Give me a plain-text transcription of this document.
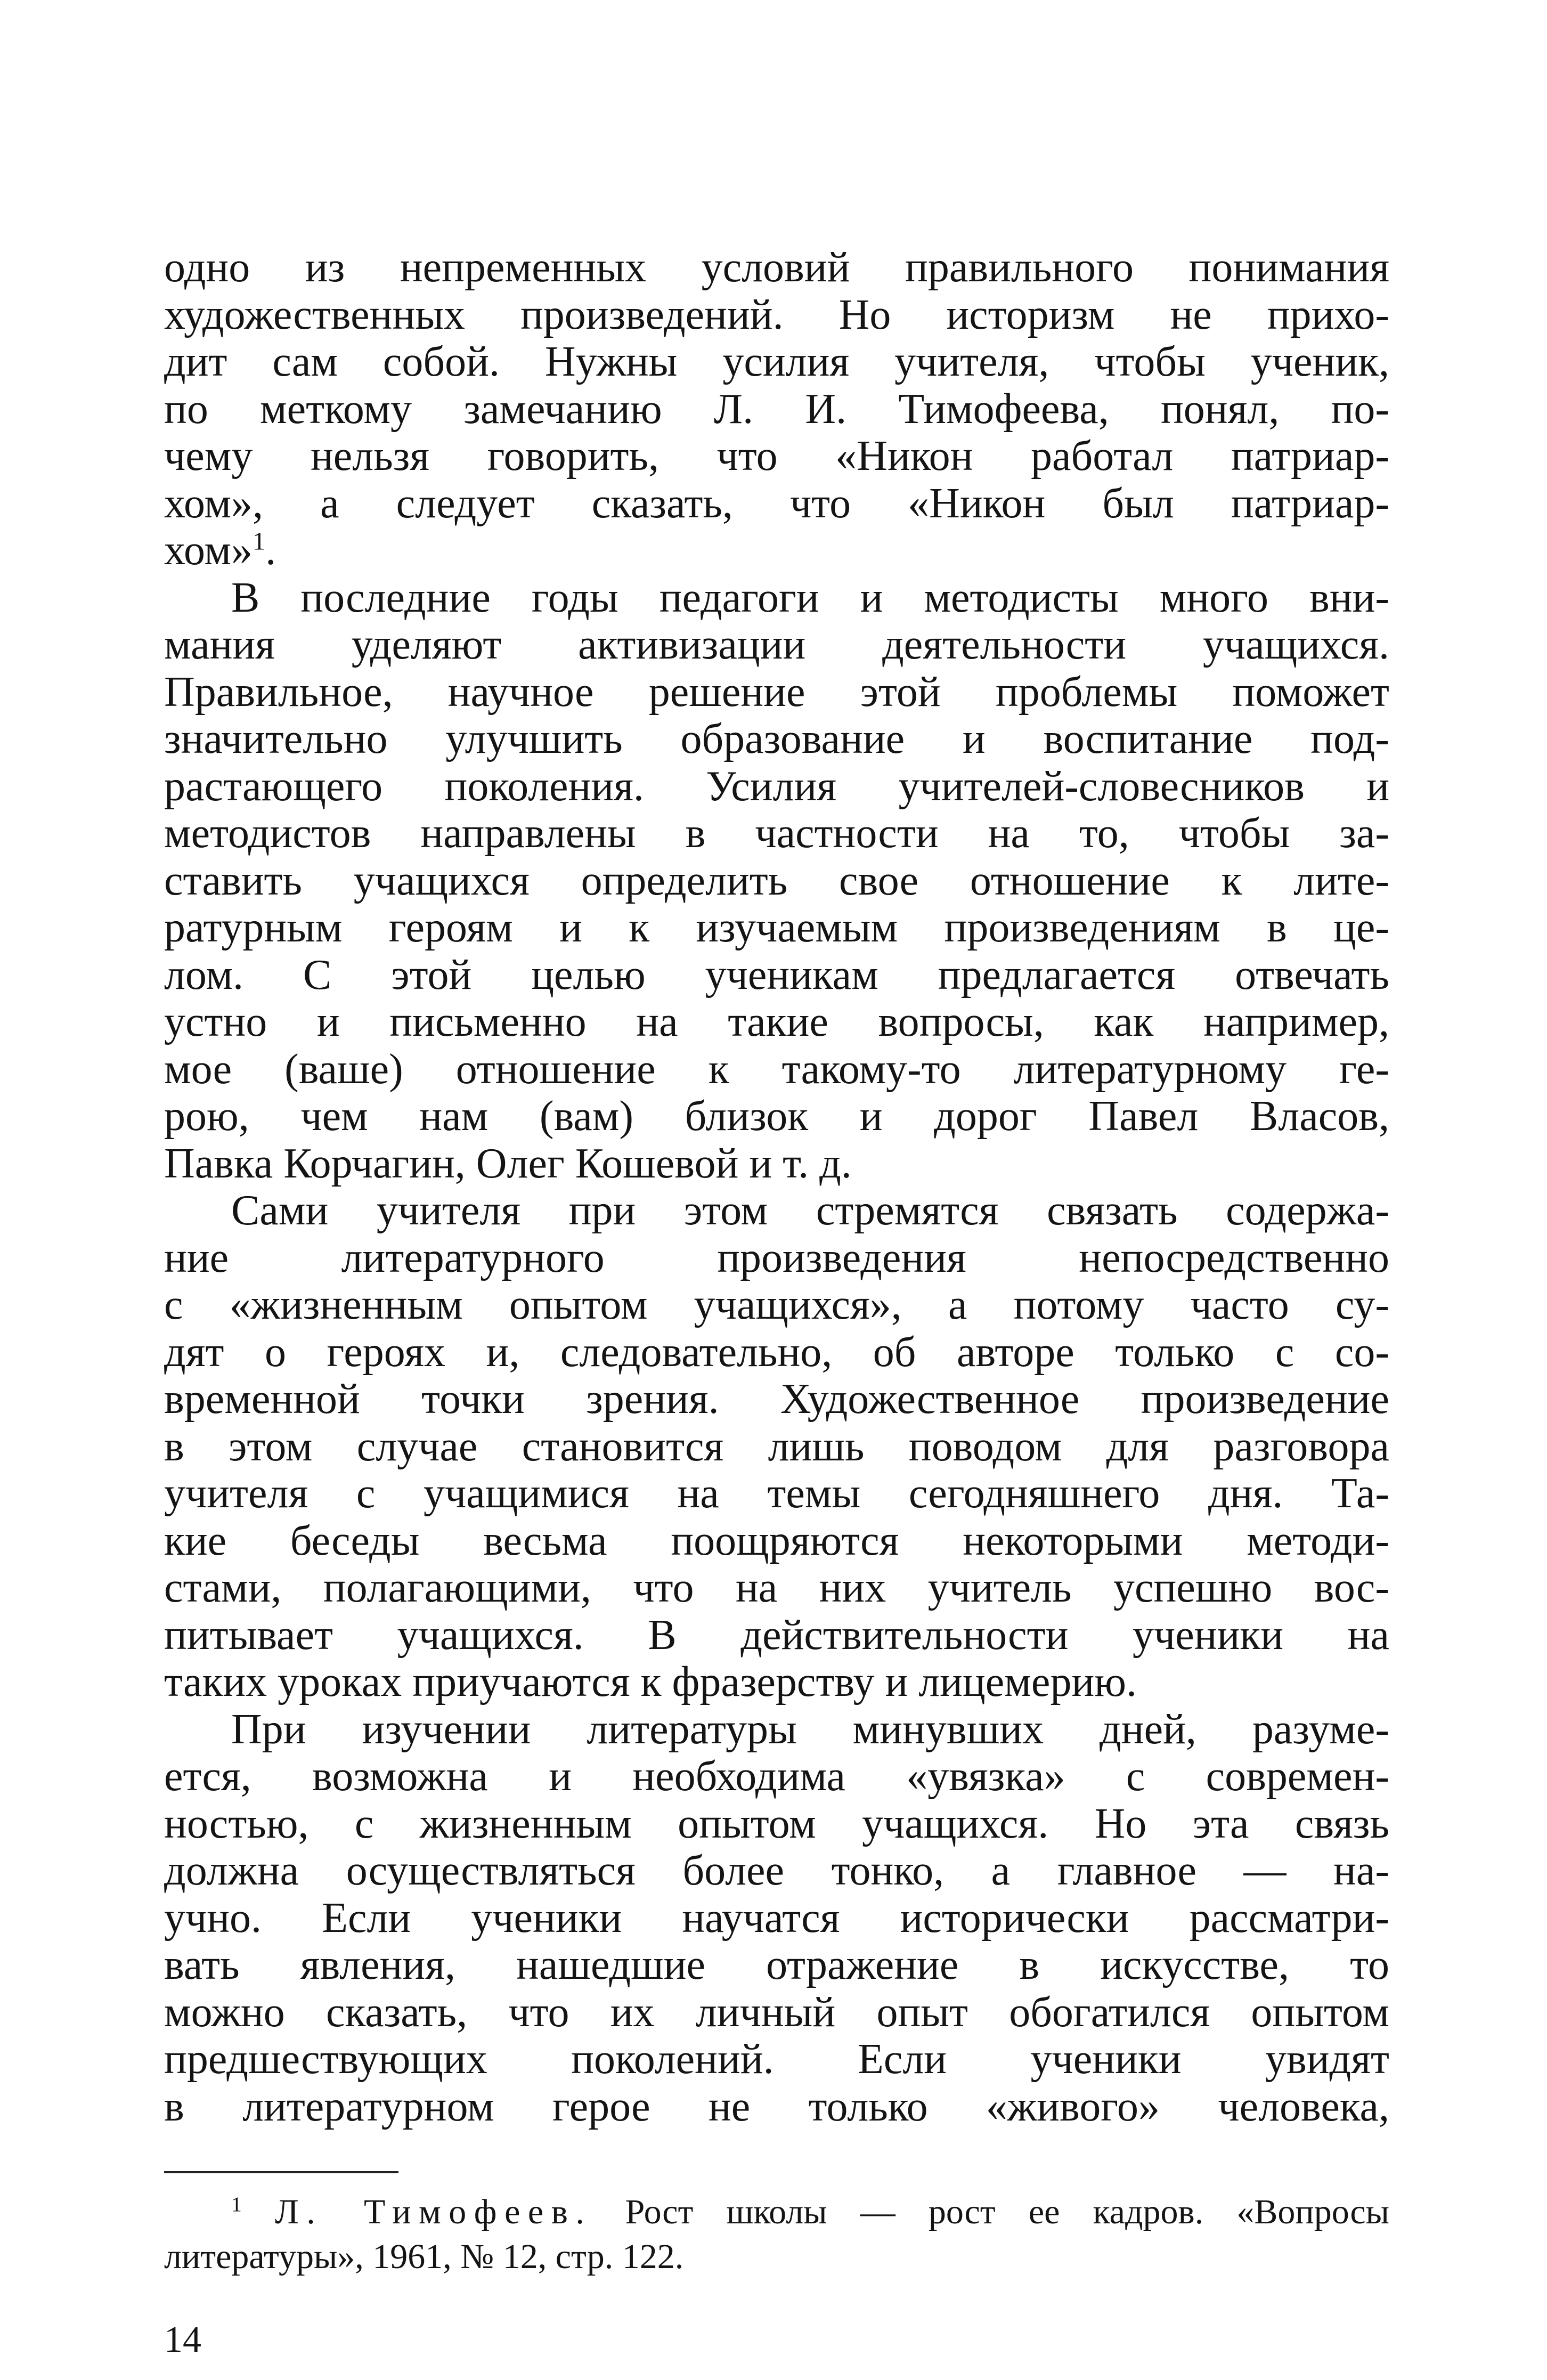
одно из непременных условий правильного понимания
художественных произведений. Но историзм не прихо-
дит сам собой. Нужны усилия учителя, чтобы ученик,
по меткому замечанию Л. И. Тимофеева, понял, по-
чему нельзя говорить, что «Никон работал патриар-
хом», а следует сказать, что «Никон был патриар-
хом»$^1$.
В последние годы педагоги и методисты много вни-
мания уделяют активизации деятельности учащихся.
Правильное, научное решение этой проблемы поможет
значительно улучшить образование и воспитание под-
растающего поколения. Усилия учителей-словесников и
методистов направлены в частности на то, чтобы за-
ставить учащихся определить свое отношение к лите-
ратурным героям и к изучаемым произведениям в це-
лом. С этой целью ученикам предлагается отвечать
устно и письменно на такие вопросы, как например,
мое (ваше) отношение к такому-то литературному ге-
рою, чем нам (вам) близок и дорог Павел Власов,
Павка Корчагин, Олег Кошевой и т. д.
Сами учителя при этом стремятся связать содержа-
ние литературного произведения непосредственно
с «жизненным опытом учащихся», а потому часто су-
дят о героях и, следовательно, об авторе только с со-
временной точки зрения. Художественное произведение
в этом случае становится лишь поводом для разговора
учителя с учащимися на темы сегодняшнего дня. Та-
кие беседы весьма поощряются некоторыми методи-
стами, полагающими, что на них учитель успешно вос-
питывает учащихся. В действительности ученики на
таких уроках приучаются к фразерству и лицемерию.
При изучении литературы минувших дней, разуме-
ется, возможна и необходима «увязка» с современ-
ностью, с жизненным опытом учащихся. Но эта связь
должна осуществляться более тонко, а главное — на-
учно. Если ученики научатся исторически рассматри-
вать явления, нашедшие отражение в искусстве, то
можно сказать, что их личный опыт обогатился опытом
предшествующих поколений. Если ученики увидят
в литературном герое не только «живого» человека,
$^1$ Л. Тимофеев. Рост школы — рост ее кадров. «Вопросы
литературы», 1961, № 12, стр. 122.
14
